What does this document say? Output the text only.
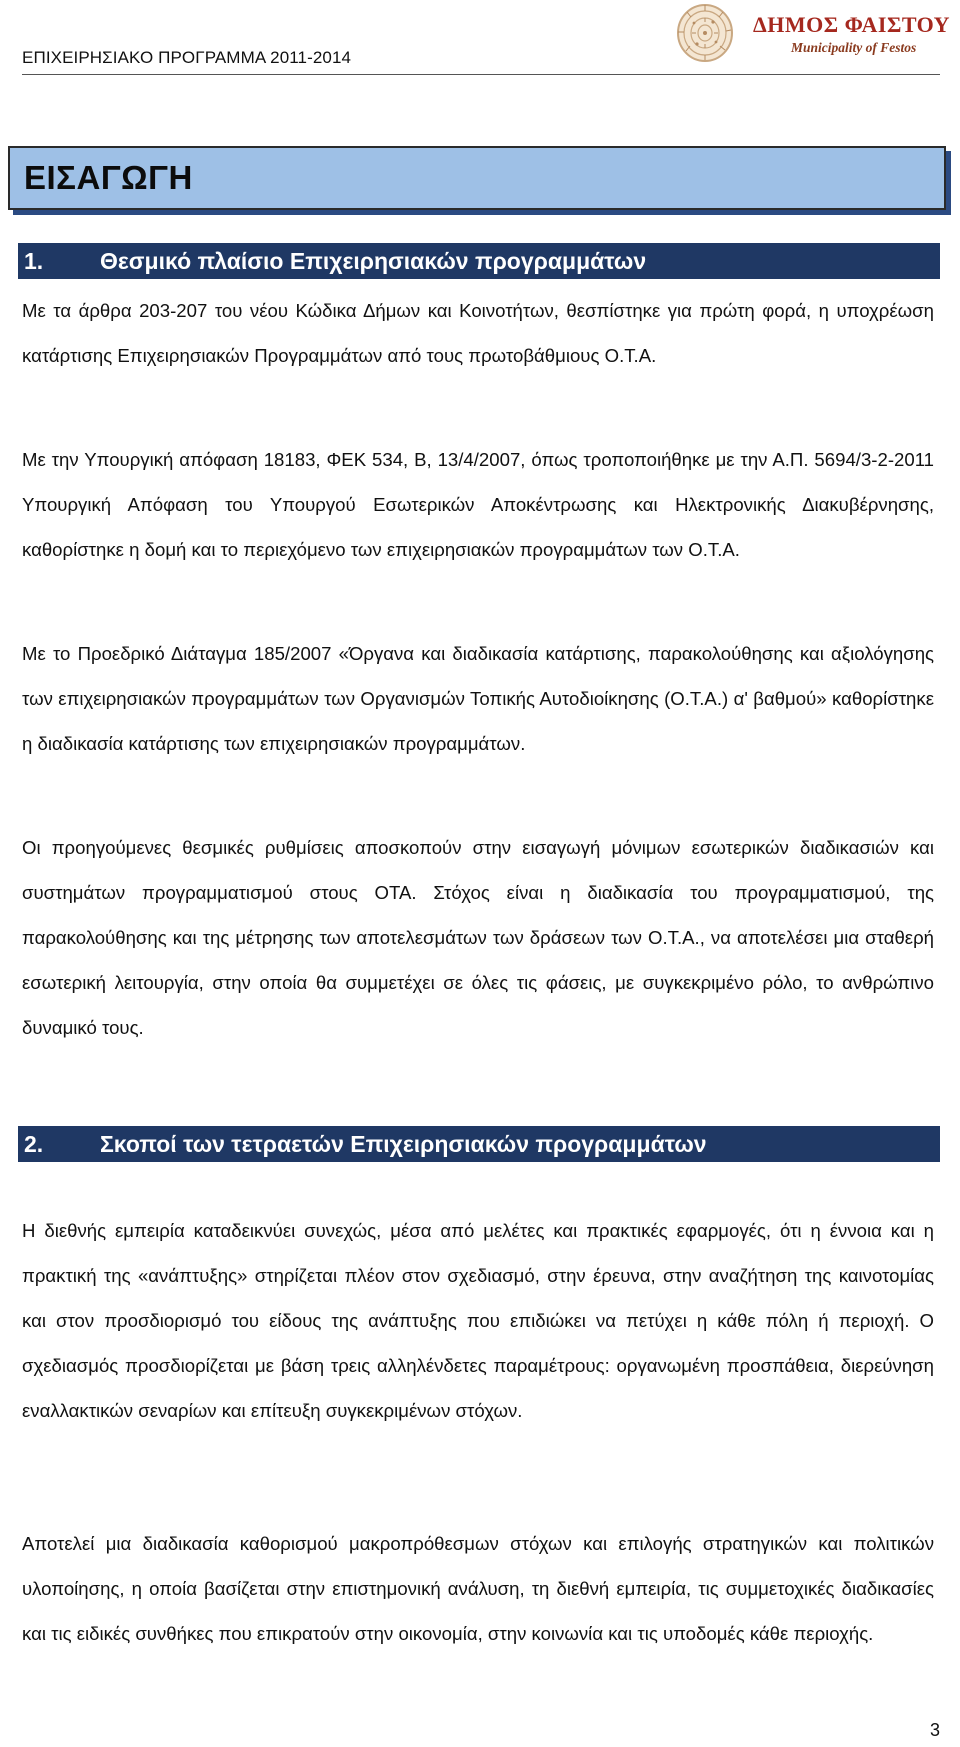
ΕΠΙΧΕΙΡΗΣΙΑΚΟ ΠΡΟΓΡΑΜΜΑ 2011-2014
ΔΗΜΟΣ ΦΑΙΣΤΟΥ
Municipality of Festos
ΕΙΣΑΓΩΓΗ
1. Θεσμικό πλαίσιο Επιχειρησιακών προγραμμάτων

Με τα άρθρα 203-207 του νέου Κώδικα Δήμων και Κοινοτήτων, θεσπίστηκε για πρώτη φορά, η υποχρέωση κατάρτισης Επιχειρησιακών Προγραμμάτων από τους πρωτοβάθμιους Ο.Τ.Α.

Με την Υπουργική απόφαση 18183, ΦΕΚ 534, Β, 13/4/2007, όπως τροποποιήθηκε με την Α.Π. 5694/3-2-2011 Υπουργική Απόφαση του Υπουργού Εσωτερικών Αποκέντρωσης και Ηλεκτρονικής Διακυβέρνησης, καθορίστηκε η δομή και το περιεχόμενο των επιχειρησιακών προγραμμάτων των Ο.Τ.Α.

Με το Προεδρικό Διάταγμα 185/2007 «Όργανα και διαδικασία κατάρτισης, παρακολούθησης και αξιολόγησης των επιχειρησιακών προγραμμάτων των Οργανισμών Τοπικής Αυτοδιοίκησης (Ο.Τ.Α.) α' βαθμού» καθορίστηκε η διαδικασία κατάρτισης των επιχειρησιακών προγραμμάτων.

Οι προηγούμενες θεσμικές ρυθμίσεις αποσκοπούν στην εισαγωγή μόνιμων εσωτερικών διαδικασιών και συστημάτων προγραμματισμού στους ΟΤΑ. Στόχος είναι η διαδικασία του προγραμματισμού, της παρακολούθησης και της μέτρησης των αποτελεσμάτων των δράσεων των Ο.Τ.Α., να αποτελέσει μια σταθερή εσωτερική λειτουργία, στην οποία θα συμμετέχει σε όλες τις φάσεις, με συγκεκριμένο ρόλο, το ανθρώπινο δυναμικό τους.

2. Σκοποί των τετραετών Επιχειρησιακών προγραμμάτων

Η διεθνής εμπειρία καταδεικνύει συνεχώς, μέσα από μελέτες και πρακτικές εφαρμογές, ότι η έννοια και η πρακτική της «ανάπτυξης» στηρίζεται πλέον στον σχεδιασμό, στην έρευνα, στην αναζήτηση της καινοτομίας και στον προσδιορισμό του είδους της ανάπτυξης που επιδιώκει να πετύχει η κάθε πόλη ή περιοχή. Ο σχεδιασμός προσδιορίζεται με βάση τρεις αλληλένδετες παραμέτρους: οργανωμένη προσπάθεια, διερεύνηση εναλλακτικών σεναρίων και επίτευξη συγκεκριμένων στόχων.

Αποτελεί μια διαδικασία καθορισμού μακροπρόθεσμων στόχων και επιλογής στρατηγικών και πολιτικών υλοποίησης, η οποία βασίζεται στην επιστημονική ανάλυση, τη διεθνή εμπειρία, τις συμμετοχικές διαδικασίες και τις ειδικές συνθήκες που επικρατούν στην οικονομία, στην κοινωνία και τις υποδομές κάθε περιοχής.

3
